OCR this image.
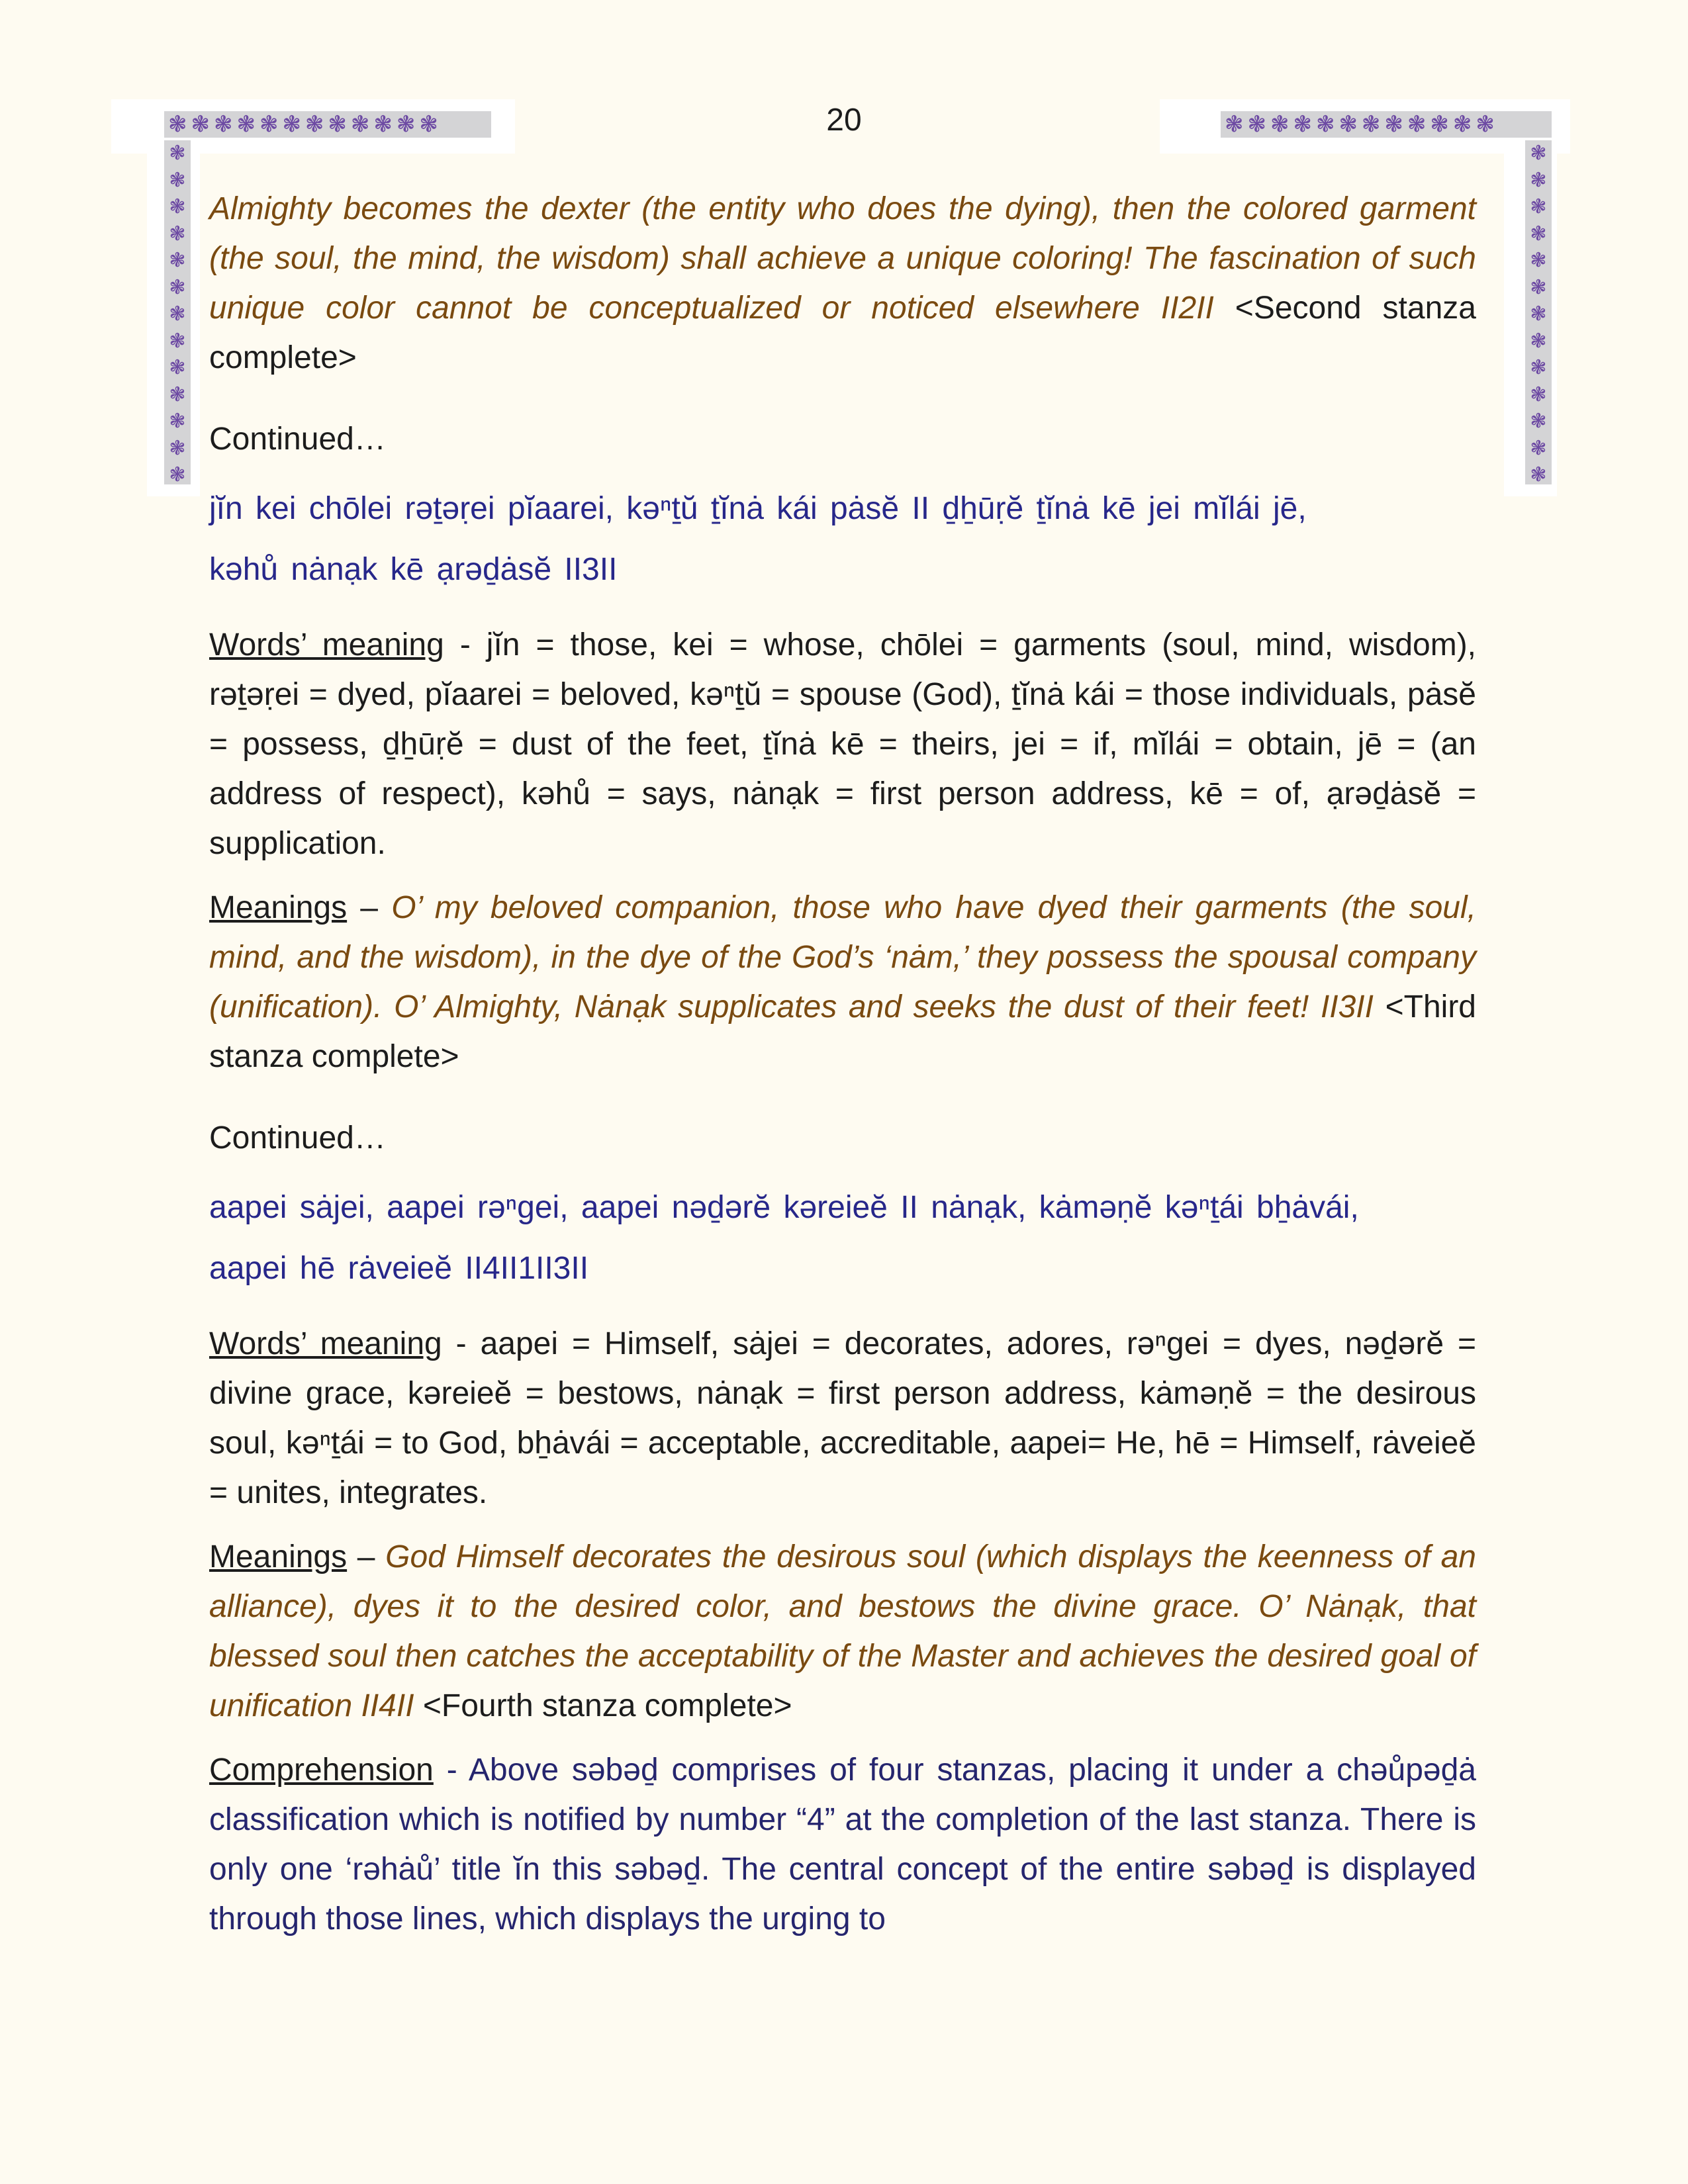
❃❃❃❃❃❃❃❃❃❃❃❃	❃❃❃❃❃❃❃❃❃❃❃❃
❃
❃
❃
❃
❃
❃
❃
❃
❃
❃
❃
❃
❃
❃
❃
❃
❃
❃
❃
❃
❃
❃
❃
❃
❃
❃
20

Almighty becomes the dexter (the entity who does the dying), then the colored garment (the soul, the mind, the wisdom) shall achieve a unique coloring! The fascination of such unique color cannot be conceptualized or noticed elsewhere II2II <Second stanza complete>

Continued…

jĭn kei chōlei rəṯəṛei pĭaarei, kəⁿṯŭ ṯĭnȧ kái pȧsĕ II ḏẖūṛĕ ṯĭnȧ kē jei mĭlái jē,
kəhů nȧnạk kē ạrəḏȧsĕ II3II

Words’ meaning - jĭn = those, kei = whose, chōlei = garments (soul, mind, wisdom), rəṯəṛei = dyed, pĭaarei = beloved, kəⁿṯŭ = spouse (God), ṯĭnȧ kái = those individuals, pȧsĕ = possess, ḏẖūṛĕ = dust of the feet, ṯĭnȧ kē = theirs, jei = if, mĭlái = obtain, jē = (an address of respect), kəhů = says, nȧnạk = first person address, kē = of, ạrəḏȧsĕ = supplication.

Meanings – O’ my beloved companion, those who have dyed their garments (the soul, mind, and the wisdom), in the dye of the God’s ‘nȧm,’ they possess the spousal company (unification). O’ Almighty, Nȧnạk supplicates and seeks the dust of their feet! II3II <Third stanza complete>

Continued…

aapei sȧjei, aapei rəⁿgei, aapei nəḏərĕ kəreieĕ II nȧnạk, kȧməṇĕ kəⁿṯái bẖȧvái,
aapei hē rȧveieĕ II4II1II3II

Words’ meaning - aapei = Himself, sȧjei = decorates, adores, rəⁿgei = dyes, nəḏərĕ = divine grace, kəreieĕ = bestows, nȧnạk = first person address, kȧməṇĕ = the desirous soul, kəⁿṯái = to God, bẖȧvái = acceptable, accreditable, aapei= He, hē = Himself, rȧveieĕ = unites, integrates.

Meanings – God Himself decorates the desirous soul (which displays the keenness of an alliance), dyes it to the desired color, and bestows the divine grace. O’ Nȧnạk, that blessed soul then catches the acceptability of the Master and achieves the desired goal of unification II4II <Fourth stanza complete>

Comprehension - Above səbəḏ comprises of four stanzas, placing it under a chəůpəḏȧ classification which is notified by number “4” at the completion of the last stanza. There is only one ‘rəhȧů’ title ĭn this səbəḏ. The central concept of the entire səbəḏ is displayed through those lines, which displays the urging to
